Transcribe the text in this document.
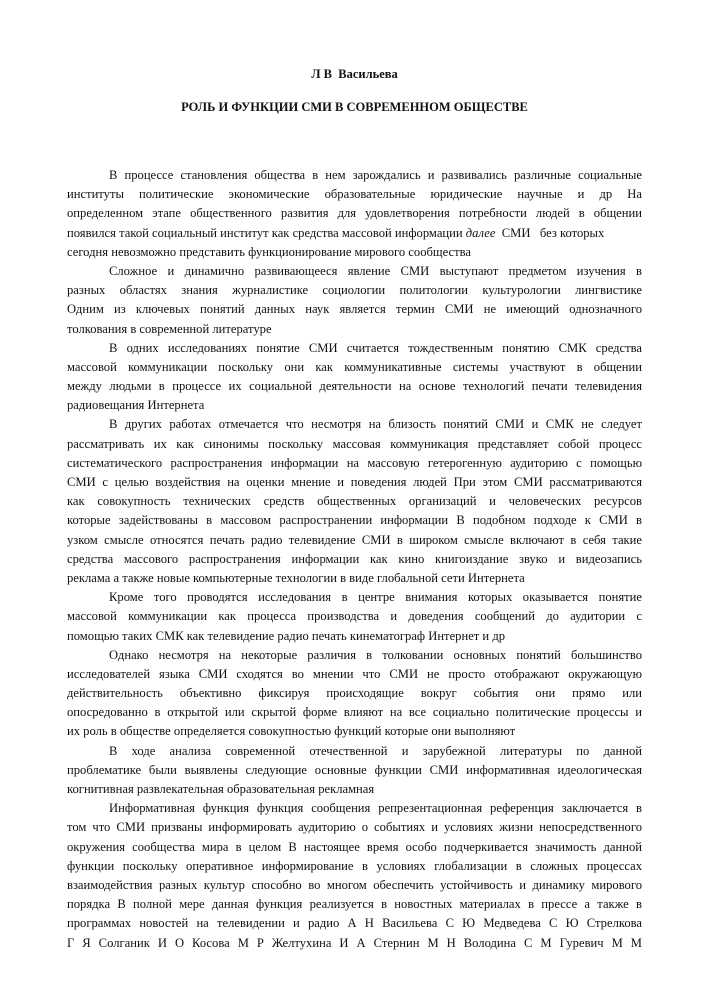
Л В  Васильева
РОЛЬ И ФУНКЦИИ СМИ В СОВРЕМЕННОМ ОБЩЕСТВЕ
В процессе становления общества в нем зарождались и развивались различные социальные
институты политические экономические образовательные юридические научные и др На
определенном этапе общественного развития для удовлетворения потребности людей в общении
появился такой социальный институт как средства массовой информации далее  СМИ   без которых
сегодня невозможно представить функционирование мирового сообщества
Сложное и динамично развивающееся явление СМИ выступают предметом изучения в
разных областях знания журналистике социологии политологии культурологии лингвистике
Одним из ключевых понятий данных наук является термин СМИ не имеющий однозначного
толкования в современной литературе
В одних исследованиях понятие СМИ считается тождественным понятию СМК средства
массовой коммуникации поскольку они как коммуникативные системы участвуют в общении
между людьми в процессе их социальной деятельности на основе технологий печати телевидения
радиовещания Интернета
В других работах отмечается что несмотря на близость понятий СМИ и СМК не следует
рассматривать их как синонимы поскольку массовая коммуникация представляет собой процесс
систематического распространения информации на массовую гетерогенную аудиторию с помощью
СМИ с целью воздействия на оценки мнение и поведения людей При этом СМИ рассматриваются
как совокупность технических средств общественных организаций и человеческих ресурсов
которые задействованы в массовом распространении информации В подобном подходе к СМИ в
узком смысле относятся печать радио телевидение СМИ в широком смысле включают в себя такие
средства массового распространения информации как кино книгоиздание звуко и видеозапись
реклама а также новые компьютерные технологии в виде глобальной сети Интернета
Кроме того проводятся исследования в центре внимания которых оказывается понятие
массовой коммуникации как процесса производства и доведения сообщений до аудитории с
помощью таких СМК как телевидение радио печать кинематограф Интернет и др
Однако несмотря на некоторые различия в толковании основных понятий большинство
исследователей языка СМИ сходятся во мнении что СМИ не просто отображают окружающую
действительность объективно фиксируя происходящие вокруг события они прямо или
опосредованно в открытой или скрытой форме влияют на все социально политические процессы и
их роль в обществе определяется совокупностью функций которые они выполняют
В ходе анализа современной отечественной и зарубежной литературы по данной
проблематике были выявлены следующие основные функции СМИ информативная идеологическая
когнитивная развлекательная образовательная рекламная
Информативная функция функция сообщения репрезентационная референция заключается в
том что СМИ призваны информировать аудиторию о событиях и условиях жизни непосредственного
окружения сообщества мира в целом В настоящее время особо подчеркивается значимость данной
функции поскольку оперативное информирование в условиях глобализации в сложных процессах
взаимодействия разных культур способно во многом обеспечить устойчивость и динамику мирового
порядка В полной мере данная функция реализуется в новостных материалах в прессе а также в
программах новостей на телевидении и радио А Н Васильева С Ю Медведева С Ю Стрелкова
Г Я Солганик И О Косова М Р Желтухина И А Стернин М Н Володина С М Гуревич М М
